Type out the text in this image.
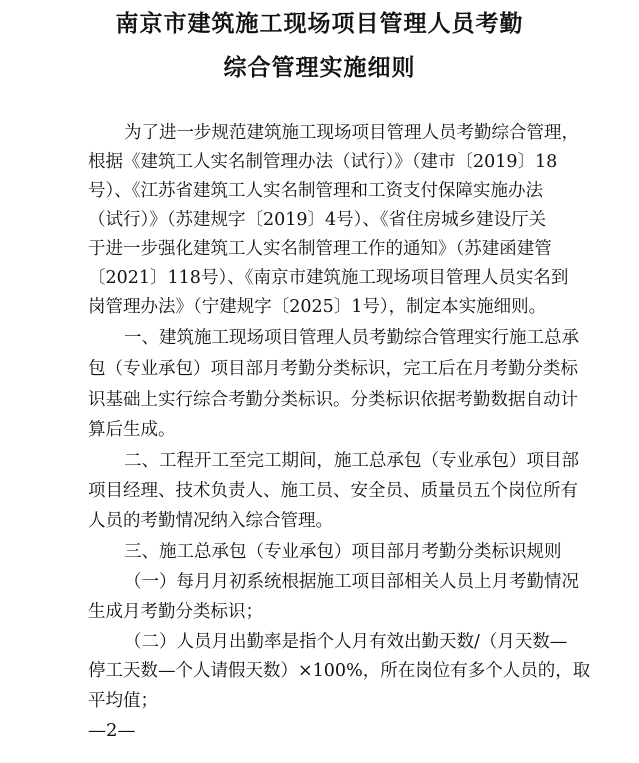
南京市建筑施工现场项目管理人员考勤
综合管理实施细则
为了进一步规范建筑施工现场项目管理人员考勤综合管理，
根据《建筑工人实名制管理办法（试行）》（建市〔2019〕18
号）、《江苏省建筑工人实名制管理和工资支付保障实施办法
（试行）》（苏建规字〔2019〕4号）、《省住房城乡建设厅关
于进一步强化建筑工人实名制管理工作的通知》（苏建函建管
〔2021〕118号）、《南京市建筑施工现场项目管理人员实名到
岗管理办法》（宁建规字〔2025〕1号），制定本实施细则。
一、建筑施工现场项目管理人员考勤综合管理实行施工总承
包（专业承包）项目部月考勤分类标识，完工后在月考勤分类标
识基础上实行综合考勤分类标识。分类标识依据考勤数据自动计
算后生成。
二、工程开工至完工期间，施工总承包（专业承包）项目部
项目经理、技术负责人、施工员、安全员、质量员五个岗位所有
人员的考勤情况纳入综合管理。
三、施工总承包（专业承包）项目部月考勤分类标识规则
（一）每月月初系统根据施工项目部相关人员上月考勤情况
生成月考勤分类标识；
（二）人员月出勤率是指个人月有效出勤天数/（月天数—
停工天数—个人请假天数）×100%，所在岗位有多个人员的，取
平均值；
—2—
